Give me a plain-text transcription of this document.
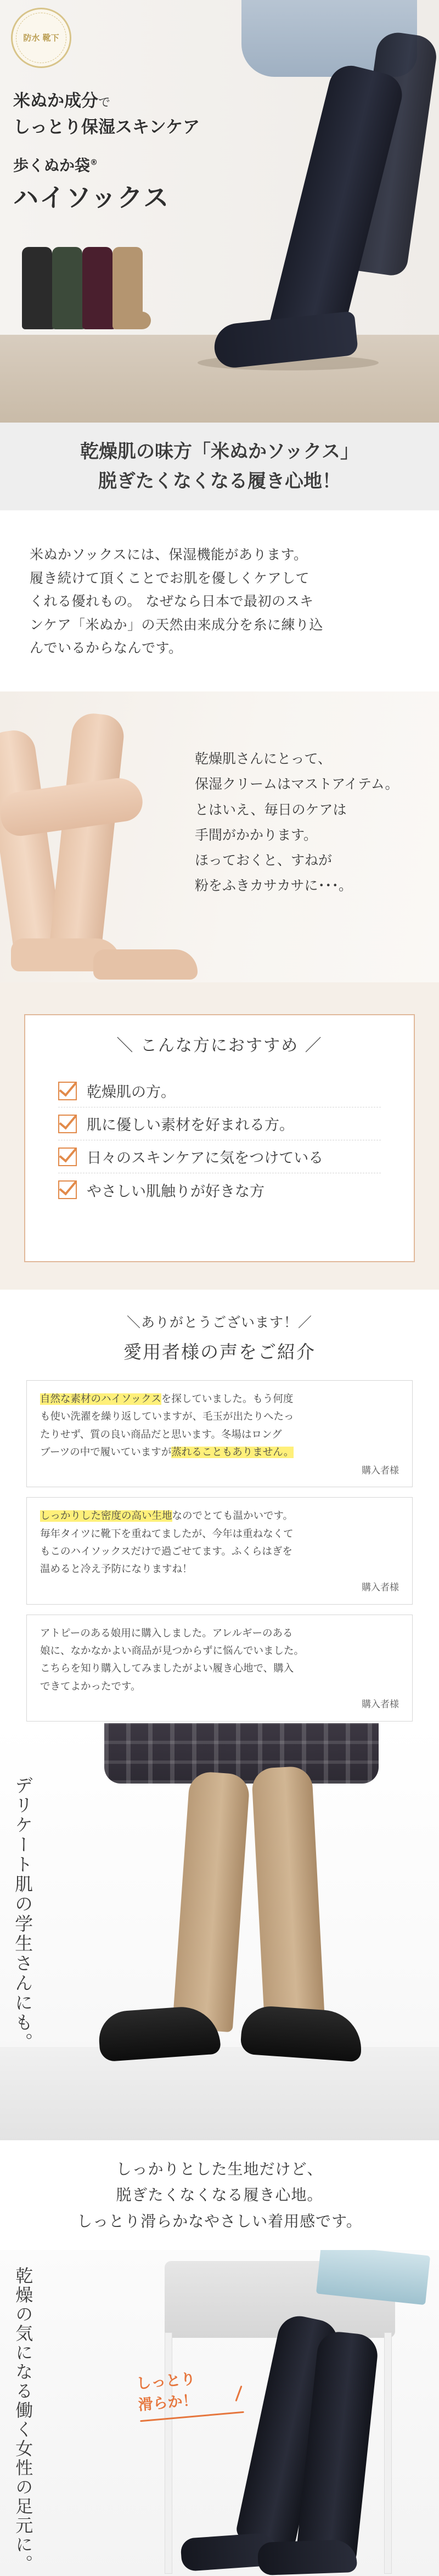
防水 靴下
米ぬか成分で
しっとり保湿スキンケア
歩くぬか袋®
ハイソックス
乾燥肌の味方「米ぬかソックス」
脱ぎたくなくなる履き心地！

米ぬかソックスには、保湿機能があります。

履き続けて頂くことでお肌を優しくケアして

くれる優れもの。 なぜなら日本で最初のスキ

ンケア「米ぬか」の天然由来成分を糸に練り込

んでいるからなんです。

乾燥肌さんにとって、
保湿クリームはマストアイテム。
とはいえ、毎日のケアは
手間がかかります。
ほっておくと、すねが
粉をふきカサカサに･･･。
＼ こんな方におすすめ ／
乾燥肌の方。
肌に優しい素材を好まれる方。
日々のスキンケアに気をつけている
やさしい肌触りが好きな方
＼ありがとうございます！／
愛用者様の声をご紹介
自然な素材のハイソックスを探していました。もう何度
も使い洗濯を繰り返していますが、毛玉が出たりへたっ
たりせず、質の良い商品だと思います。冬場はロング
ブーツの中で履いていますが蒸れることもありません。
購入者様
しっかりした密度の高い生地なのでとても温かいです。
毎年タイツに靴下を重ねてましたが、今年は重ねなくて
もこのハイソックスだけで過ごせてます。ふくらはぎを
温めると冷え予防になりますね！
購入者様
アトピーのある娘用に購入しました。アレルギーのある
娘に、なかなかよい商品が見つからずに悩んでいました。
こちらを知り購入してみましたがよい履き心地で、購入
できてよかったです。
購入者様
デリケート肌の学生さんにも。
しっかりとした生地だけど、
脱ぎたくなくなる履き心地。
しっとり滑らかなやさしい着用感です。
乾燥の気になる働く女性の足元に。
しっとり
滑らか！
